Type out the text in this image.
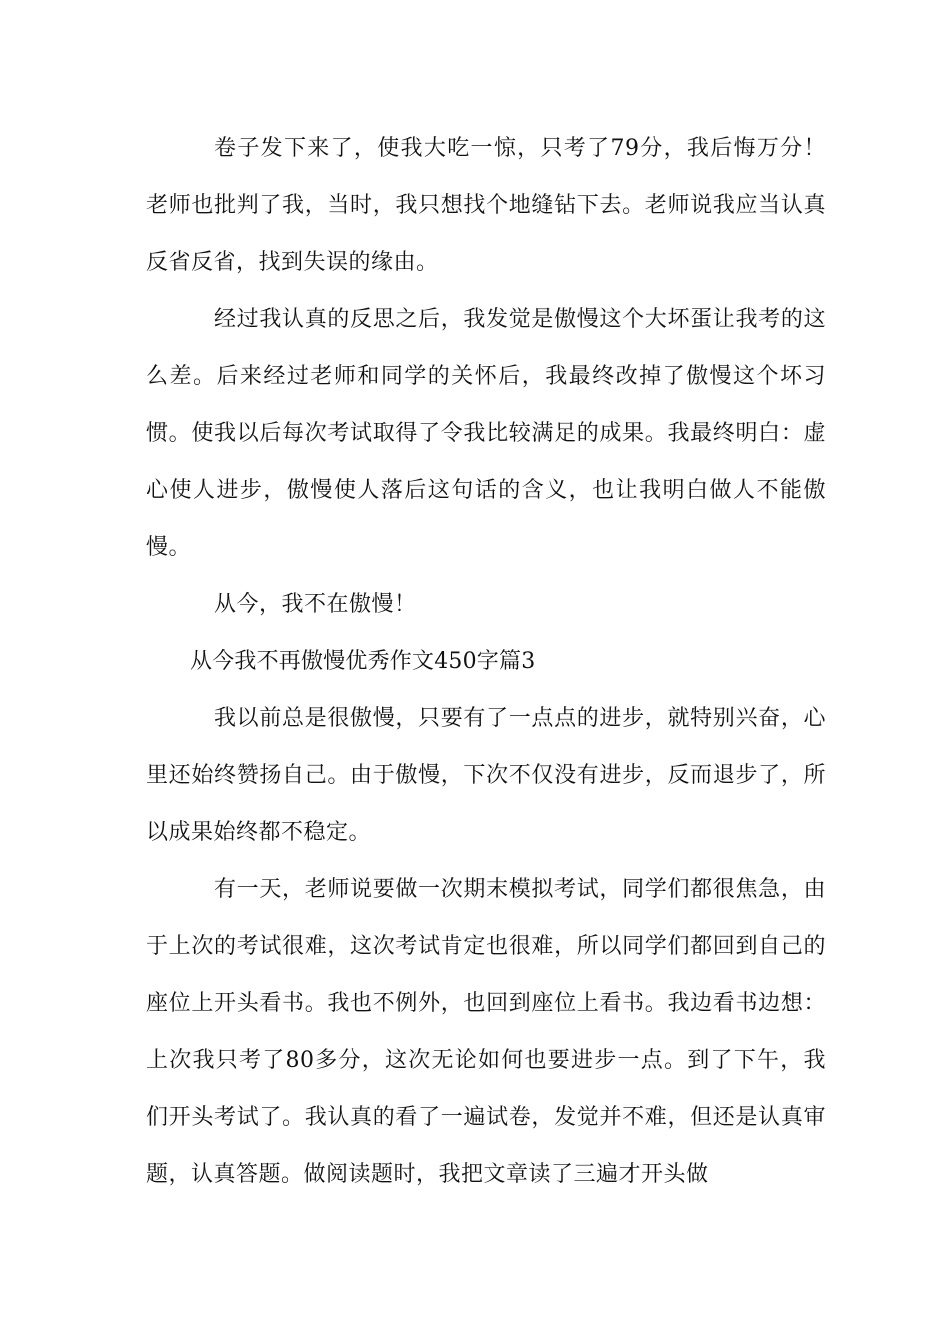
卷子发下来了，使我大吃一惊，只考了79分，我后悔万分！老师也批判了我，当时，我只想找个地缝钻下去。老师说我应当认真反省反省，找到失误的缘由。

经过我认真的反思之后，我发觉是傲慢这个大坏蛋让我考的这么差。后来经过老师和同学的关怀后，我最终改掉了傲慢这个坏习惯。使我以后每次考试取得了令我比较满足的成果。我最终明白：虚心使人进步，傲慢使人落后这句话的含义，也让我明白做人不能傲慢。

从今，我不在傲慢！

从今我不再傲慢优秀作文450字篇3

我以前总是很傲慢，只要有了一点点的进步，就特别兴奋，心里还始终赞扬自己。由于傲慢，下次不仅没有进步，反而退步了，所以成果始终都不稳定。

有一天，老师说要做一次期末模拟考试，同学们都很焦急，由于上次的考试很难，这次考试肯定也很难，所以同学们都回到自己的座位上开头看书。我也不例外，也回到座位上看书。我边看书边想：上次我只考了80多分，这次无论如何也要进步一点。到了下午，我们开头考试了。我认真的看了一遍试卷，发觉并不难，但还是认真审题，认真答题。做阅读题时，我把文章读了三遍才开头做
